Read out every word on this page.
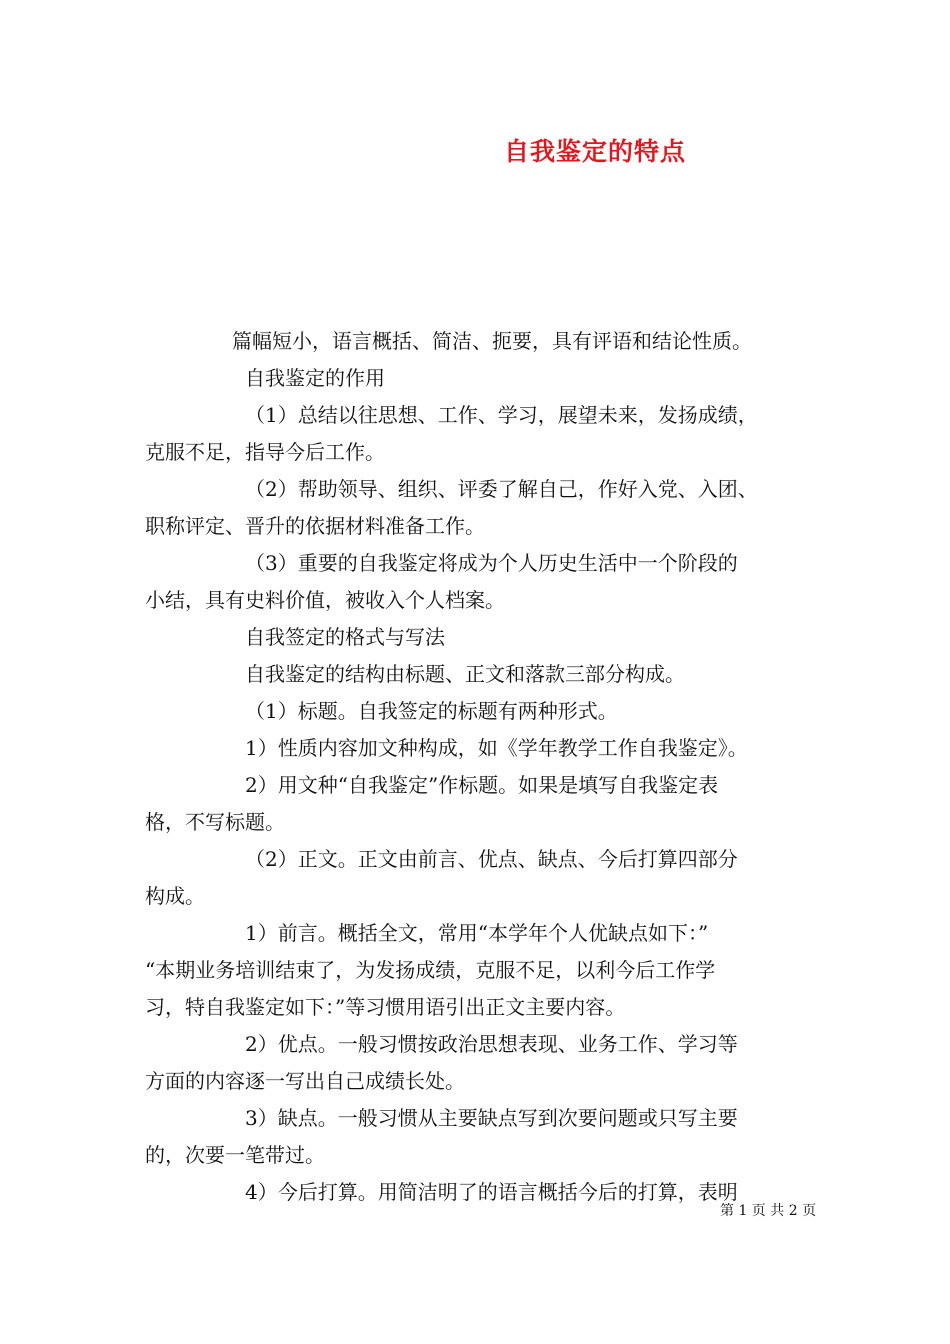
自我鉴定的特点

篇幅短小，语言概括、简洁、扼要，具有评语和结论性质。

自我鉴定的作用

（1）总结以往思想、工作、学习，展望未来，发扬成绩，

克服不足，指导今后工作。

（2）帮助领导、组织、评委了解自己，作好入党、入团、

职称评定、晋升的依据材料准备工作。

（3）重要的自我鉴定将成为个人历史生活中一个阶段的

小结，具有史料价值，被收入个人档案。

自我签定的格式与写法

自我鉴定的结构由标题、正文和落款三部分构成。

（1）标题。自我签定的标题有两种形式。

1）性质内容加文种构成，如《学年教学工作自我鉴定》。

2）用文种“自我鉴定”作标题。如果是填写自我鉴定表

格，不写标题。

（2）正文。正文由前言、优点、缺点、今后打算四部分

构成。

1）前言。概括全文，常用“本学年个人优缺点如下：”

“本期业务培训结束了，为发扬成绩，克服不足，以利今后工作学

习，特自我鉴定如下：”等习惯用语引出正文主要内容。

2）优点。一般习惯按政治思想表现、业务工作、学习等

方面的内容逐一写出自己成绩长处。

3）缺点。一般习惯从主要缺点写到次要问题或只写主要

的，次要一笔带过。

4）今后打算。用简洁明了的语言概括今后的打算，表明

第 1 页 共 2 页
